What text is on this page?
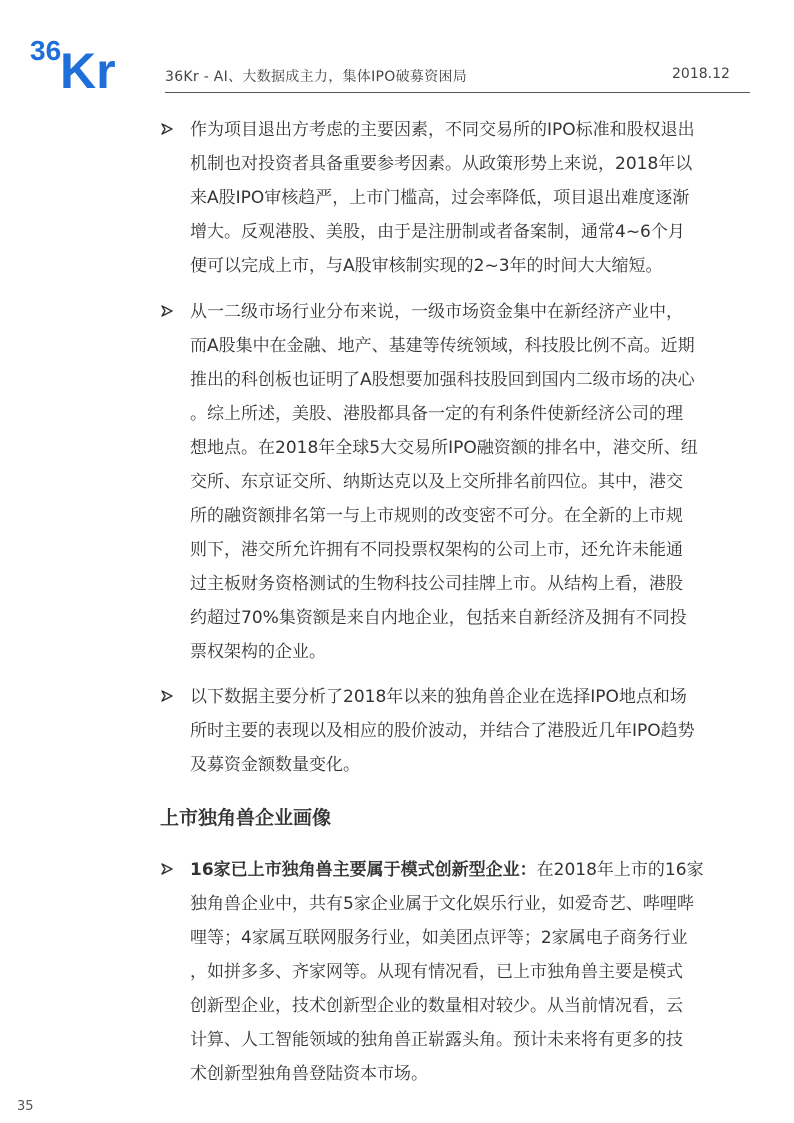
36
Kr	36Kr - AI、大数据成主力，集体IPO破募资困局	2018.12
作为项目退出方考虑的主要因素，不同交易所的IPO标准和股权退出
机制也对投资者具备重要参考因素。从政策形势上来说，2018年以
来A股IPO审核趋严，上市门槛高，过会率降低，项目退出难度逐渐
增大。反观港股、美股，由于是注册制或者备案制，通常4~6个月
便可以完成上市，与A股审核制实现的2~3年的时间大大缩短。
从一二级市场行业分布来说，一级市场资金集中在新经济产业中，
而A股集中在金融、地产、基建等传统领域，科技股比例不高。近期
推出的科创板也证明了A股想要加强科技股回到国内二级市场的决心
。综上所述，美股、港股都具备一定的有利条件使新经济公司的理
想地点。在2018年全球5大交易所IPO融资额的排名中，港交所、纽
交所、东京证交所、纳斯达克以及上交所排名前四位。其中，港交
所的融资额排名第一与上市规则的改变密不可分。在全新的上市规
则下，港交所允许拥有不同投票权架构的公司上市，还允许未能通
过主板财务资格测试的生物科技公司挂牌上市。从结构上看，港股
约超过70%集资额是来自内地企业，包括来自新经济及拥有不同投
票权架构的企业。
以下数据主要分析了2018年以来的独角兽企业在选择IPO地点和场
所时主要的表现以及相应的股价波动，并结合了港股近几年IPO趋势
及募资金额数量变化。
上市独角兽企业画像
16家已上市独角兽主要属于模式创新型企业：在2018年上市的16家
独角兽企业中，共有5家企业属于文化娱乐行业，如爱奇艺、哔哩哔
哩等；4家属互联网服务行业，如美团点评等；2家属电子商务行业
，如拼多多、齐家网等。从现有情况看，已上市独角兽主要是模式
创新型企业，技术创新型企业的数量相对较少。从当前情况看，云
计算、人工智能领域的独角兽正崭露头角。预计未来将有更多的技
术创新型独角兽登陆资本市场。
35
